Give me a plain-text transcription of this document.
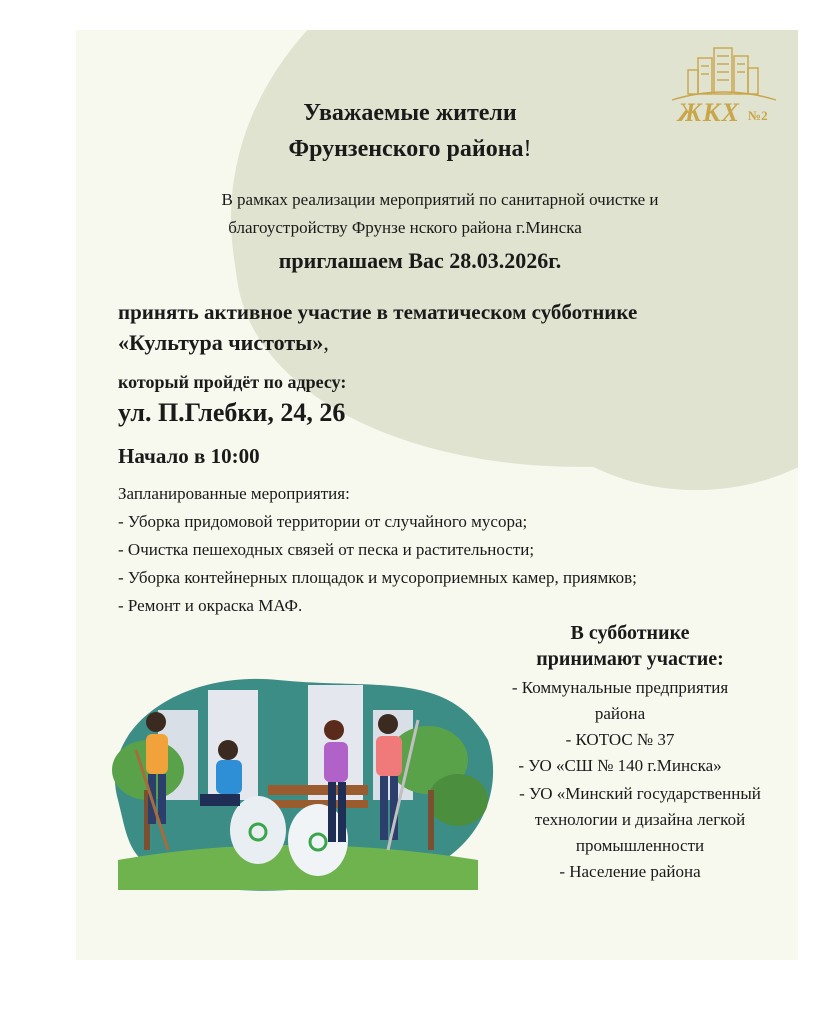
ЖКХ №2
Уважаемые жители
Фрунзенского района!
В рамках реализации мероприятий по санитарной очистке и
благоустройству Фрунзе нского района г.Минска
приглашаем Вас 28.03.2026г.
принять активное участие в тематическом субботнике
«Культура чистоты»,
который пройдёт по адресу:
ул. П.Глебки, 24, 26
Начало в 10:00
Запланированные мероприятия:
- Уборка придомовой территории от случайного мусора;
- Очистка пешеходных связей от песка и растительности;
- Уборка контейнерных площадок и мусороприемных камер, приямков;
- Ремонт и окраска МАФ.
В субботнике
принимают участие:
- Коммунальные предприятия
района
- КОТОС № 37
- УО «СШ № 140 г.Минска»
- УО «Минский государственный
технологии и дизайна легкой
промышленности
- Население района
